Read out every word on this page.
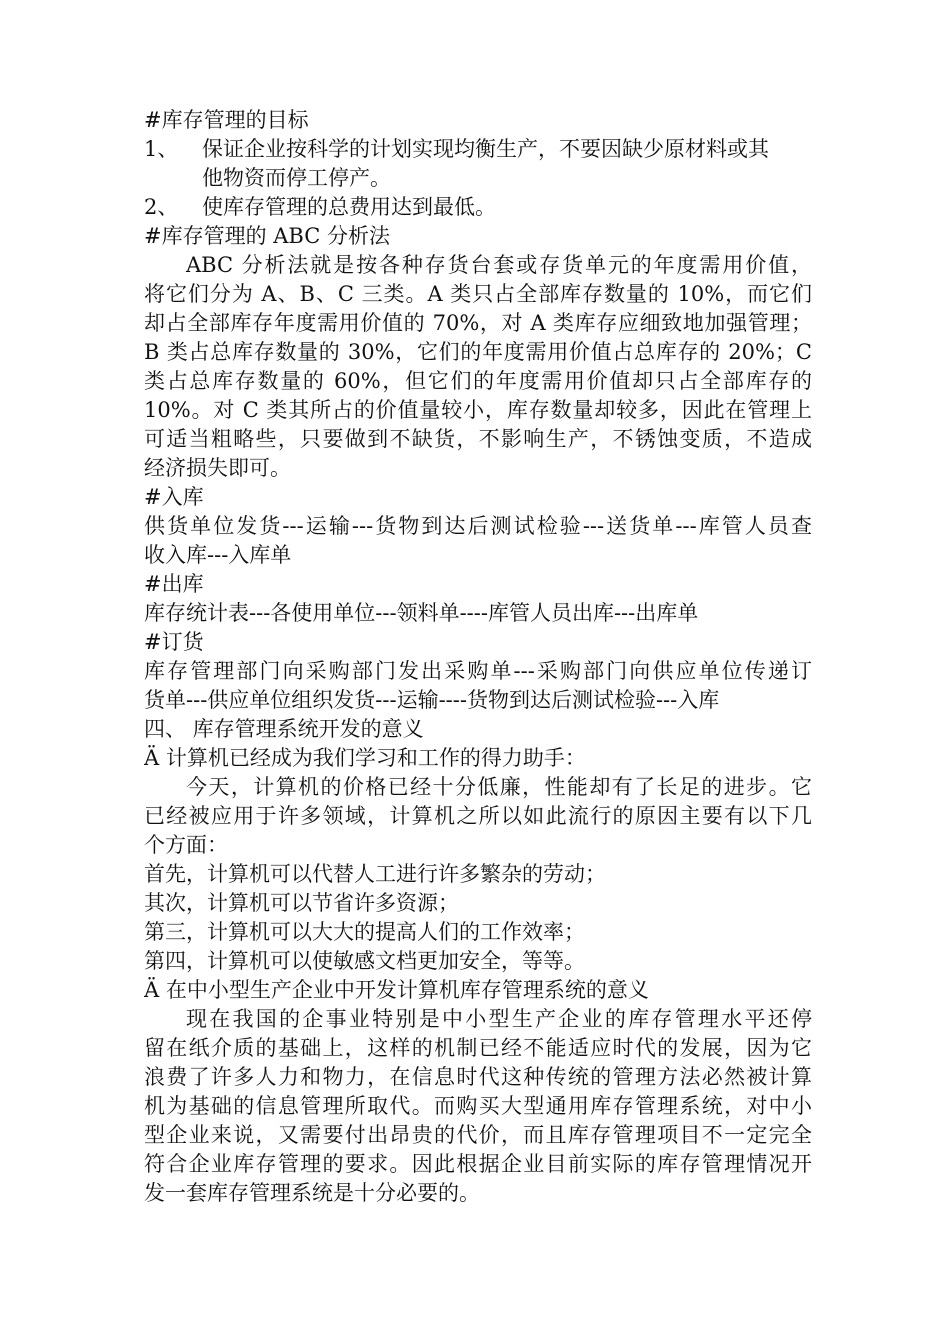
#库存管理的目标
1、 保证企业按科学的计划实现均衡生产，不要因缺少原材料或其
他物资而停工停产。
2、 使库存管理的总费用达到最低。
#库存管理的 ABC 分析法
ABC 分析法就是按各种存货台套或存货单元的年度需用价值，
将它们分为 A、B、C 三类。A 类只占全部库存数量的 10%，而它们
却占全部库存年度需用价值的 70%，对 A 类库存应细致地加强管理；
B 类占总库存数量的 30%，它们的年度需用价值占总库存的 20%；C
类占总库存数量的 60%，但它们的年度需用价值却只占全部库存的
10%。对 C 类其所占的价值量较小，库存数量却较多，因此在管理上
可适当粗略些，只要做到不缺货，不影响生产，不锈蚀变质，不造成
经济损失即可。
#入库
供货单位发货---运输---货物到达后测试检验---送货单---库管人员查
收入库---入库单
#出库
库存统计表---各使用单位---领料单----库管人员出库---出库单
#订货
库存管理部门向采购部门发出采购单---采购部门向供应单位传递订
货单---供应单位组织发货---运输----货物到达后测试检验---入库
四、 库存管理系统开发的意义
Ä 计算机已经成为我们学习和工作的得力助手：
今天，计算机的价格已经十分低廉，性能却有了长足的进步。它
已经被应用于许多领域，计算机之所以如此流行的原因主要有以下几
个方面：
首先，计算机可以代替人工进行许多繁杂的劳动；
其次，计算机可以节省许多资源；
第三，计算机可以大大的提高人们的工作效率；
第四，计算机可以使敏感文档更加安全，等等。
Ä 在中小型生产企业中开发计算机库存管理系统的意义
现在我国的企事业特别是中小型生产企业的库存管理水平还停
留在纸介质的基础上，这样的机制已经不能适应时代的发展，因为它
浪费了许多人力和物力，在信息时代这种传统的管理方法必然被计算
机为基础的信息管理所取代。而购买大型通用库存管理系统，对中小
型企业来说，又需要付出昂贵的代价，而且库存管理项目不一定完全
符合企业库存管理的要求。因此根据企业目前实际的库存管理情况开
发一套库存管理系统是十分必要的。
